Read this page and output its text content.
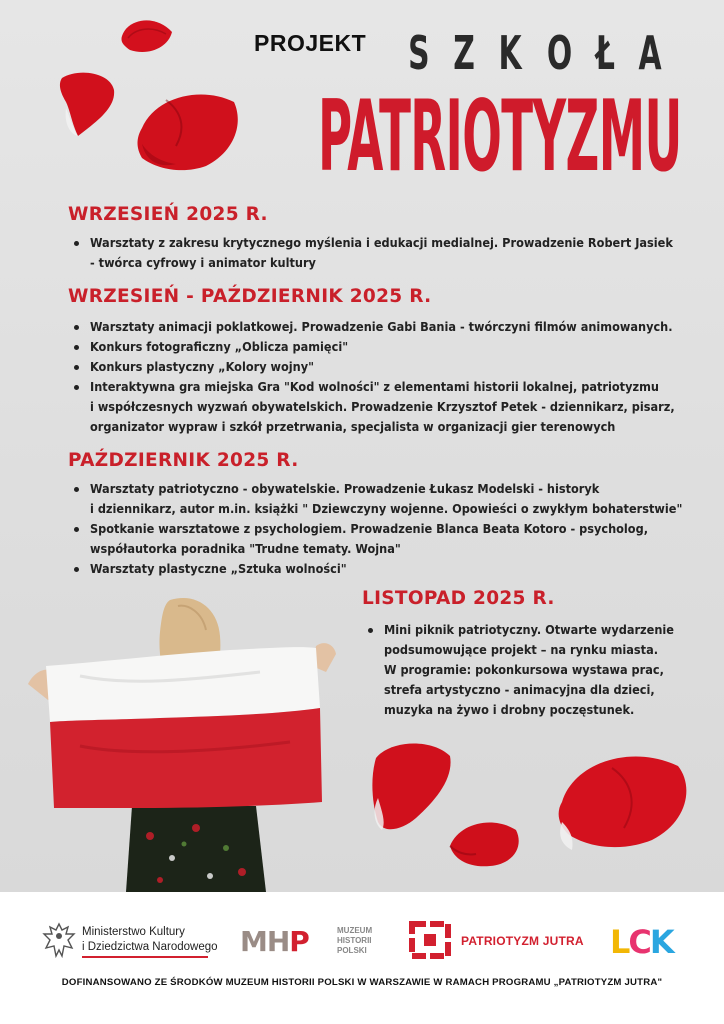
PROJEKT S Z K O Ł A
PATRIOTYZMU
WRZESIEŃ 2025 R.
Warsztaty z zakresu krytycznego myślenia i edukacji medialnej. Prowadzenie Robert Jasiek
- twórca cyfrowy i animator kultury
WRZESIEŃ - PAŹDZIERNIK 2025 R.
Warsztaty animacji poklatkowej. Prowadzenie Gabi Bania - twórczyni filmów animowanych.
Konkurs fotograficzny „Oblicza pamięci"
Konkurs plastyczny „Kolory wojny"
Interaktywna gra miejska Gra "Kod wolności" z elementami historii lokalnej, patriotyzmu
i współczesnych wyzwań obywatelskich. Prowadzenie Krzysztof Petek - dziennikarz, pisarz,
organizator wypraw i szkół przetrwania, specjalista w organizacji gier terenowych
PAŹDZIERNIK 2025 R.
Warsztaty patriotyczno - obywatelskie. Prowadzenie Łukasz Modelski - historyk
i dziennikarz, autor m.in. książki " Dziewczyny wojenne. Opowieści o zwykłym bohaterstwie"
Spotkanie warsztatowe z psychologiem. Prowadzenie Blanca Beata Kotoro - psycholog,
współautorka poradnika "Trudne tematy. Wojna"
Warsztaty plastyczne „Sztuka wolności"
LISTOPAD 2025 R.
Mini piknik patriotyczny. Otwarte wydarzenie
podsumowujące projekt – na rynku miasta.
W programie: pokonkursowa wystawa prac,
strefa artystyczno - animacyjna dla dzieci,
muzyka na żywo i drobny poczęstunek.
Ministerstwo Kultury
i Dziedzictwa Narodowego MHP	MUZEUM
HISTORII
POLSKI
PATRIOTYZM JUTRA LCK
DOFINANSOWANO ZE ŚRODKÓW MUZEUM HISTORII POLSKI W WARSZAWIE W RAMACH PROGRAMU „PATRIOTYZM JUTRA"
